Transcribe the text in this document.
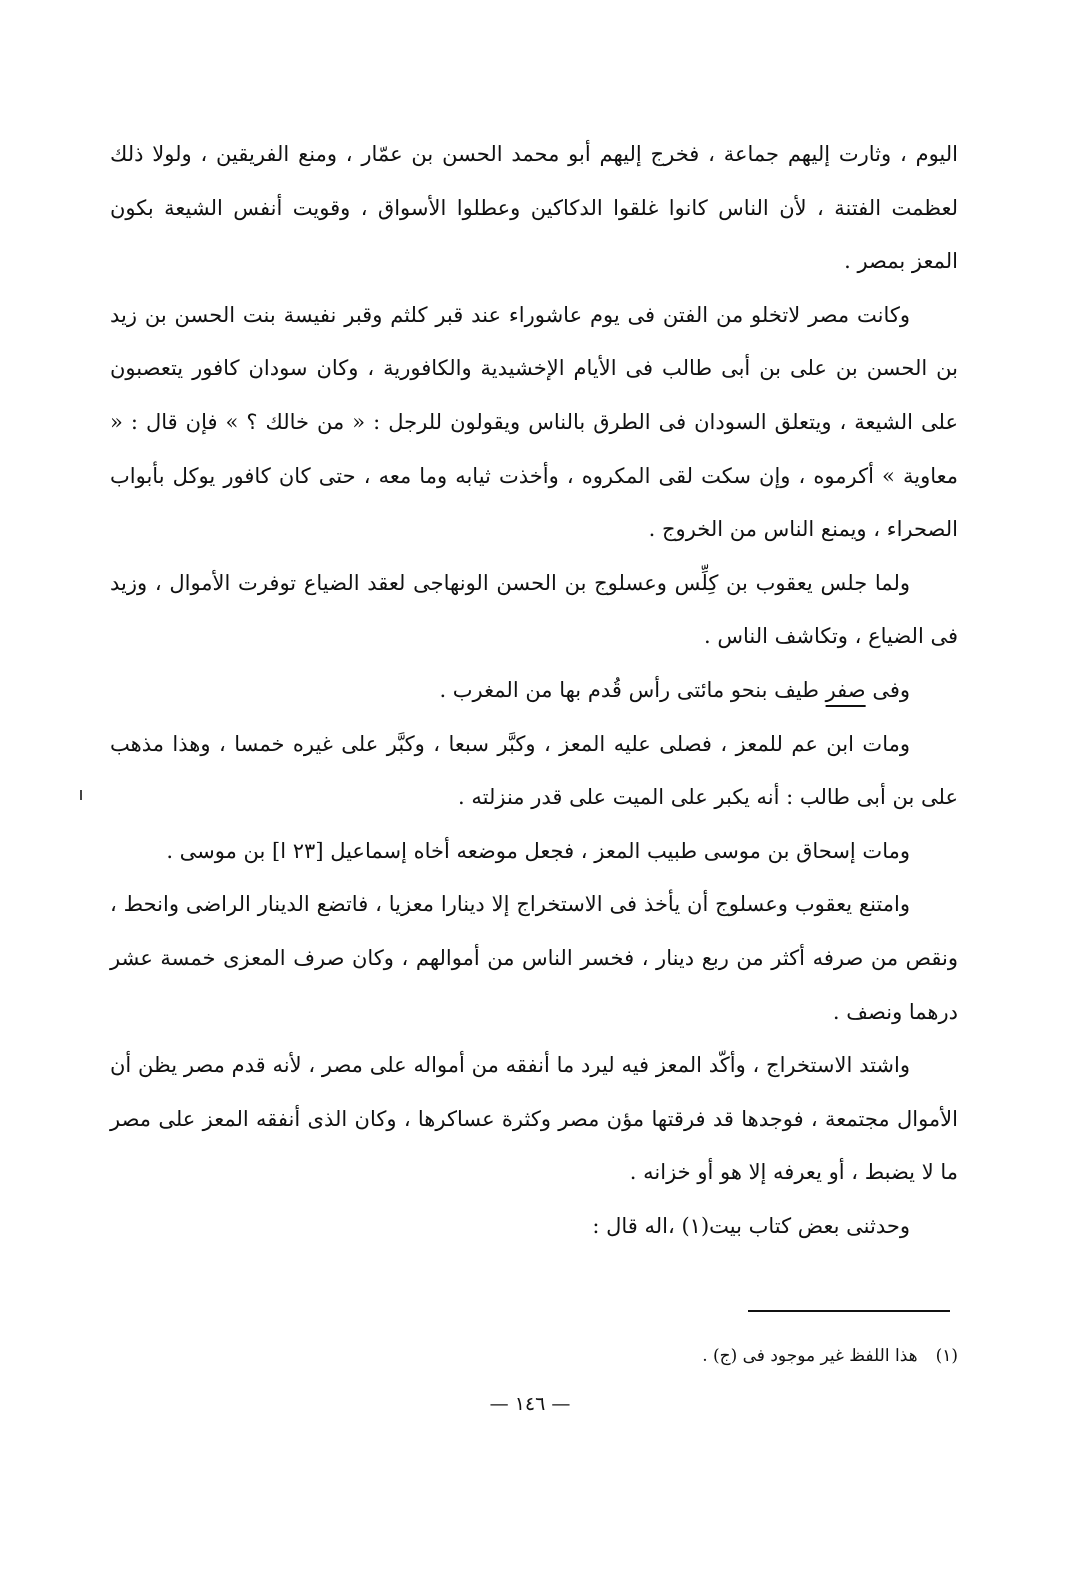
اليوم ، وثارت إليهم جماعة ، فخرج إليهم أبو محمد الحسن بن عمّار ، ومنع الفريقين ، ولولا ذلك لعظمت الفتنة ، لأن الناس كانوا غلقوا الدكاكين وعطلوا الأسواق ، وقويت أنفس الشيعة بكون المعز بمصر .

وكانت مصر لاتخلو من الفتن فى يوم عاشوراء عند قبر كلثم وقبر نفيسة بنت الحسن بن زيد بن الحسن بن على بن أبى طالب فى الأيام الإخشيدية والكافورية ، وكان سودان كافور يتعصبون على الشيعة ، ويتعلق السودان فى الطرق بالناس ويقولون للرجل : « من خالك ؟ » فإن قال : « معاوية » أكرموه ، وإن سكت لقى المكروه ، وأخذت ثيابه وما معه ، حتى كان كافور يوكل بأبواب الصحراء ، ويمنع الناس من الخروج .

ولما جلس يعقوب بن كِلِّس وعسلوج بن الحسن الونهاجى لعقد الضياع توفرت الأموال ، وزيد فى الضياع ، وتكاشف الناس .

وفى صفر طيف بنحو مائتى رأس قُدم بها من المغرب .

ومات ابن عم للمعز ، فصلى عليه المعز ، وكبَّر سبعا ، وكبَّر على غيره خمسا ، وهذا مذهب على بن أبى طالب : أنه يكبر على الميت على قدر منزلته .

ومات إسحاق بن موسى طبيب المعز ، فجعل موضعه أخاه إسماعيل [٢٣ ا] بن موسى .

وامتنع يعقوب وعسلوج أن يأخذ فى الاستخراج إلا دينارا معزيا ، فاتضع الدينار الراضى وانحط ، ونقص من صرفه أكثر من ربع دينار ، فخسر الناس من أموالهم ، وكان صرف المعزى خمسة عشر درهما ونصف .

واشتد الاستخراج ، وأكّد المعز فيه ليرد ما أنفقه من أمواله على مصر ، لأنه قدم مصر يظن أن الأموال مجتمعة ، فوجدها قد فرقتها مؤن مصر وكثرة عساكرها ، وكان الذى أنفقه المعز على مصر ما لا يضبط ، أو يعرفه إلا هو أو خزانه .

وحدثنى بعض كتاب بيت(١) ،اله قال :

(١)هذا اللفظ غير موجود فى (ج) .
— ١٤٦ —
